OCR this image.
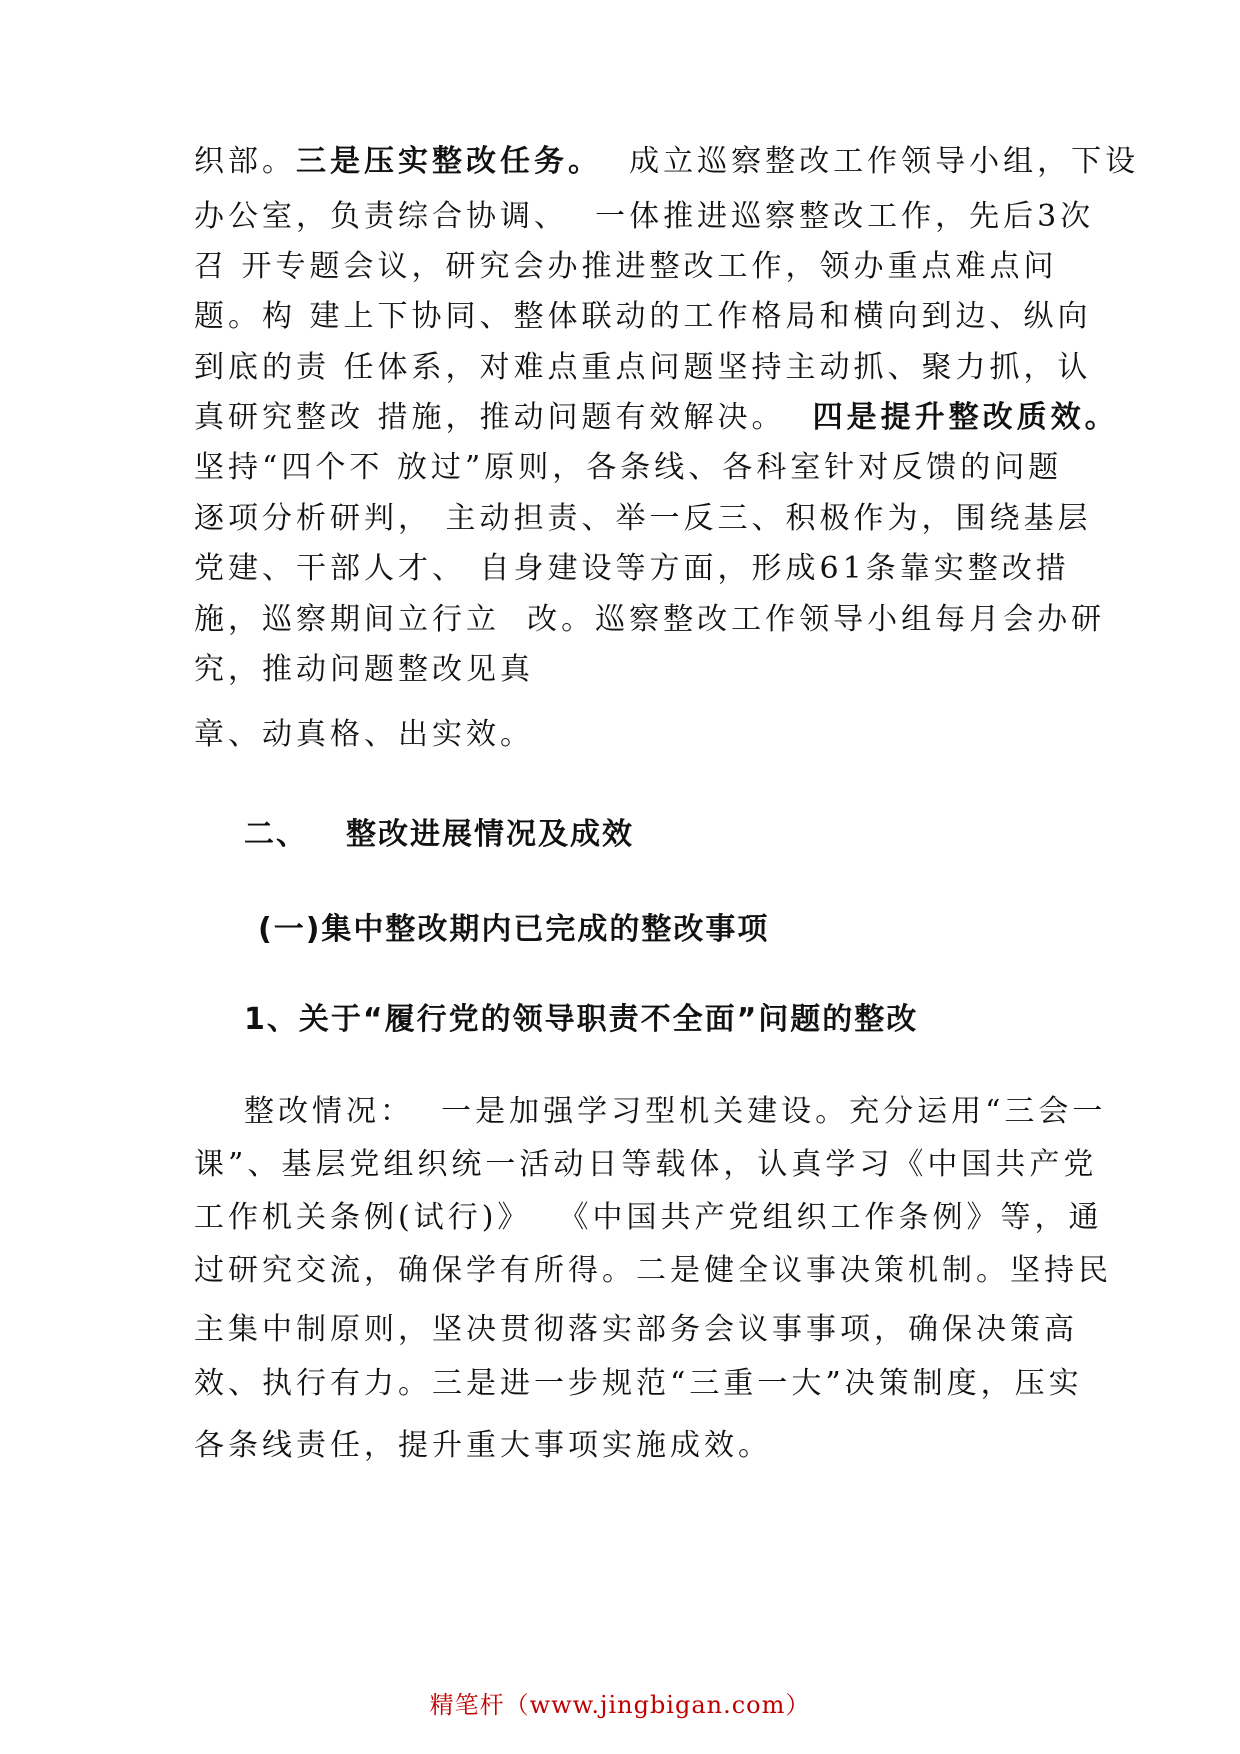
织部。三是压实整改任务。  成立巡察整改工作领导小组，下设
办公室，负责综合协调、  一体推进巡察整改工作，先后3次
召 开专题会议，研究会办推进整改工作，领办重点难点问
题。构 建上下协同、整体联动的工作格局和横向到边、纵向
到底的责 任体系，对难点重点问题坚持主动抓、聚力抓，认
真研究整改 措施，推动问题有效解决。  四是提升整改质效。
坚持“四个不 放过”原则，各条线、各科室针对反馈的问题
逐项分析研判， 主动担责、举一反三、积极作为，围绕基层
党建、干部人才、 自身建设等方面，形成61条靠实整改措
施，巡察期间立行立  改。巡察整改工作领导小组每月会办研
究，推动问题整改见真
章、动真格、出实效。
二、 整改进展情况及成效
(一)集中整改期内已完成的整改事项
1、关于“履行党的领导职责不全面”问题的整改
整改情况：  一是加强学习型机关建设。充分运用“三会一
课”、基层党组织统一活动日等载体，认真学习《中国共产党
工作机关条例(试行)》  《中国共产党组织工作条例》等，通
过研究交流，确保学有所得。二是健全议事决策机制。坚持民
主集中制原则，坚决贯彻落实部务会议事事项，确保决策高
效、执行有力。三是进一步规范“三重一大”决策制度，压实
各条线责任，提升重大事项实施成效。
精笔杆（www.jingbigan.com）
